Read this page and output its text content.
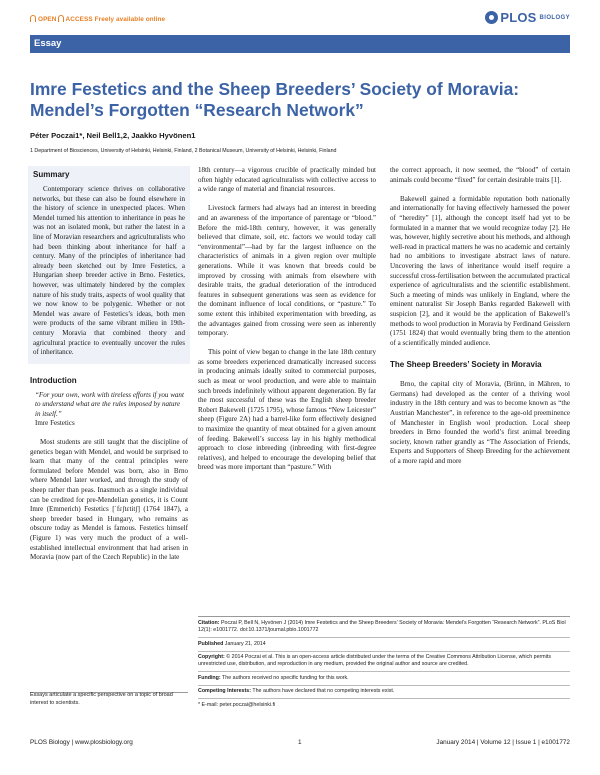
OPEN ACCESS Freely available online	PLOS BIOLOGY
Essay
Imre Festetics and the Sheep Breeders’ Society of Moravia: Mendel’s Forgotten “Research Network”
Péter Poczai1*, Neil Bell1,2, Jaakko Hyvönen1
1 Department of Biosciences, University of Helsinki, Helsinki, Finland, 2 Botanical Museum, University of Helsinki, Helsinki, Finland
Summary

Contemporary science thrives on collaborative networks, but these can also be found elsewhere in the history of science in unexpected places. When Mendel turned his attention to inheritance in peas he was not an isolated monk, but rather the latest in a line of Moravian researchers and agriculturalists who had been thinking about inheritance for half a century. Many of the principles of inheritance had already been sketched out by Imre Festetics, a Hungarian sheep breeder active in Brno. Festetics, however, was ultimately hindered by the complex nature of his study traits, aspects of wool quality that we now know to be polygenic. Whether or not Mendel was aware of Festetics’s ideas, both men were products of the same vibrant milieu in 19th-century Moravia that combined theory and agricultural practice to eventually uncover the rules of inheritance.

Introduction
“For your own, work with tireless efforts if you want to understand what are the rules imposed by nature in itself.”
Imre Festetics

Most students are still taught that the discipline of genetics began with Mendel, and would be surprised to learn that many of the central principles were formulated before Mendel was born, also in Brno where Mendel later worked, and through the study of sheep rather than peas. Inasmuch as a single individual can be credited for pre-Mendelian genetics, it is Count Imre (Emmerich) Festetics [ˈfɛʃtɛtitʃ] (1764 1847), a sheep breeder based in Hungary, who remains as obscure today as Mendel is famous. Festetics himself (Figure 1) was very much the product of a well-established intellectual environment that had arisen in Moravia (now part of the Czech Republic) in the late

18th century—a vigorous crucible of practically minded but often highly educated agriculturalists with collective access to a wide range of material and financial resources.

Livestock farmers had always had an interest in breeding and an awareness of the importance of parentage or “blood.” Before the mid-18th century, however, it was generally believed that climate, soil, etc. factors we would today call “environmental”—had by far the largest influence on the characteristics of animals in a given region over multiple generations. While it was known that breeds could be improved by crossing with animals from elsewhere with desirable traits, the gradual deterioration of the introduced features in subsequent generations was seen as evidence for the dominant influence of local conditions, or “pasture.” To some extent this inhibited experimentation with breeding, as the advantages gained from crossing were seen as inherently temporary.

This point of view began to change in the late 18th century as some breeders experienced dramatically increased success in producing animals ideally suited to commercial purposes, such as meat or wool production, and were able to maintain such breeds indefinitely without apparent degeneration. By far the most successful of these was the English sheep breeder Robert Bakewell (1725 1795), whose famous “New Leicester” sheep (Figure 2A) had a barrel-like form effectively designed to maximize the quantity of meat obtained for a given amount of feeding. Bakewell’s success lay in his highly methodical approach to close inbreeding (inbreeding with first-degree relatives), and helped to encourage the developing belief that breed was more important than “pasture.” With

the correct approach, it now seemed, the “blood” of certain animals could become “fixed” for certain desirable traits [1].

Bakewell gained a formidable reputation both nationally and internationally for having effectively harnessed the power of “heredity” [1], although the concept itself had yet to be formulated in a manner that we would recognize today [2]. He was, however, highly secretive about his methods, and although well-read in practical matters he was no academic and certainly had no ambitions to investigate abstract laws of nature. Uncovering the laws of inheritance would itself require a successful cross-fertilisation between the accumulated practical experience of agriculturalists and the scientific establishment. Such a meeting of minds was unlikely in England, where the eminent naturalist Sir Joseph Banks regarded Bakewell with suspicion [2], and it would be the application of Bakewell’s methods to wool production in Moravia by Ferdinand Geisslern (1751 1824) that would eventually bring them to the attention of a scientifically minded audience.

The Sheep Breeders’ Society in Moravia

Brno, the capital city of Moravia, (Brünn, in Mähren, to Germans) had developed as the center of a thriving wool industry in the 18th century and was to become known as “the Austrian Manchester”, in reference to the age-old preeminence of Manchester in English wool production. Local sheep breeders in Brno founded the world’s first animal breeding society, known rather grandly as “The Association of Friends, Experts and Supporters of Sheep Breeding for the achievement of a more rapid and more

Essays articulate a specific perspective on a topic of broad interest to scientists.
Citation: Poczai P, Bell N, Hyvönen J (2014) Imre Festetics and the Sheep Breeders’ Society of Moravia: Mendel’s Forgotten “Research Network”. PLoS Biol 12(1): e1001772. doi:10.1371/journal.pbio.1001772
Published January 21, 2014
Copyright: © 2014 Poczai et al. This is an open-access article distributed under the terms of the Creative Commons Attribution License, which permits unrestricted use, distribution, and reproduction in any medium, provided the original author and source are credited.
Funding: The authors received no specific funding for this work.
Competing Interests: The authors have declared that no competing interests exist.
* E-mail: peter.poczai@helsinki.fi
PLOS Biology | www.plosbiology.org	1	January 2014 | Volume 12 | Issue 1 | e1001772
